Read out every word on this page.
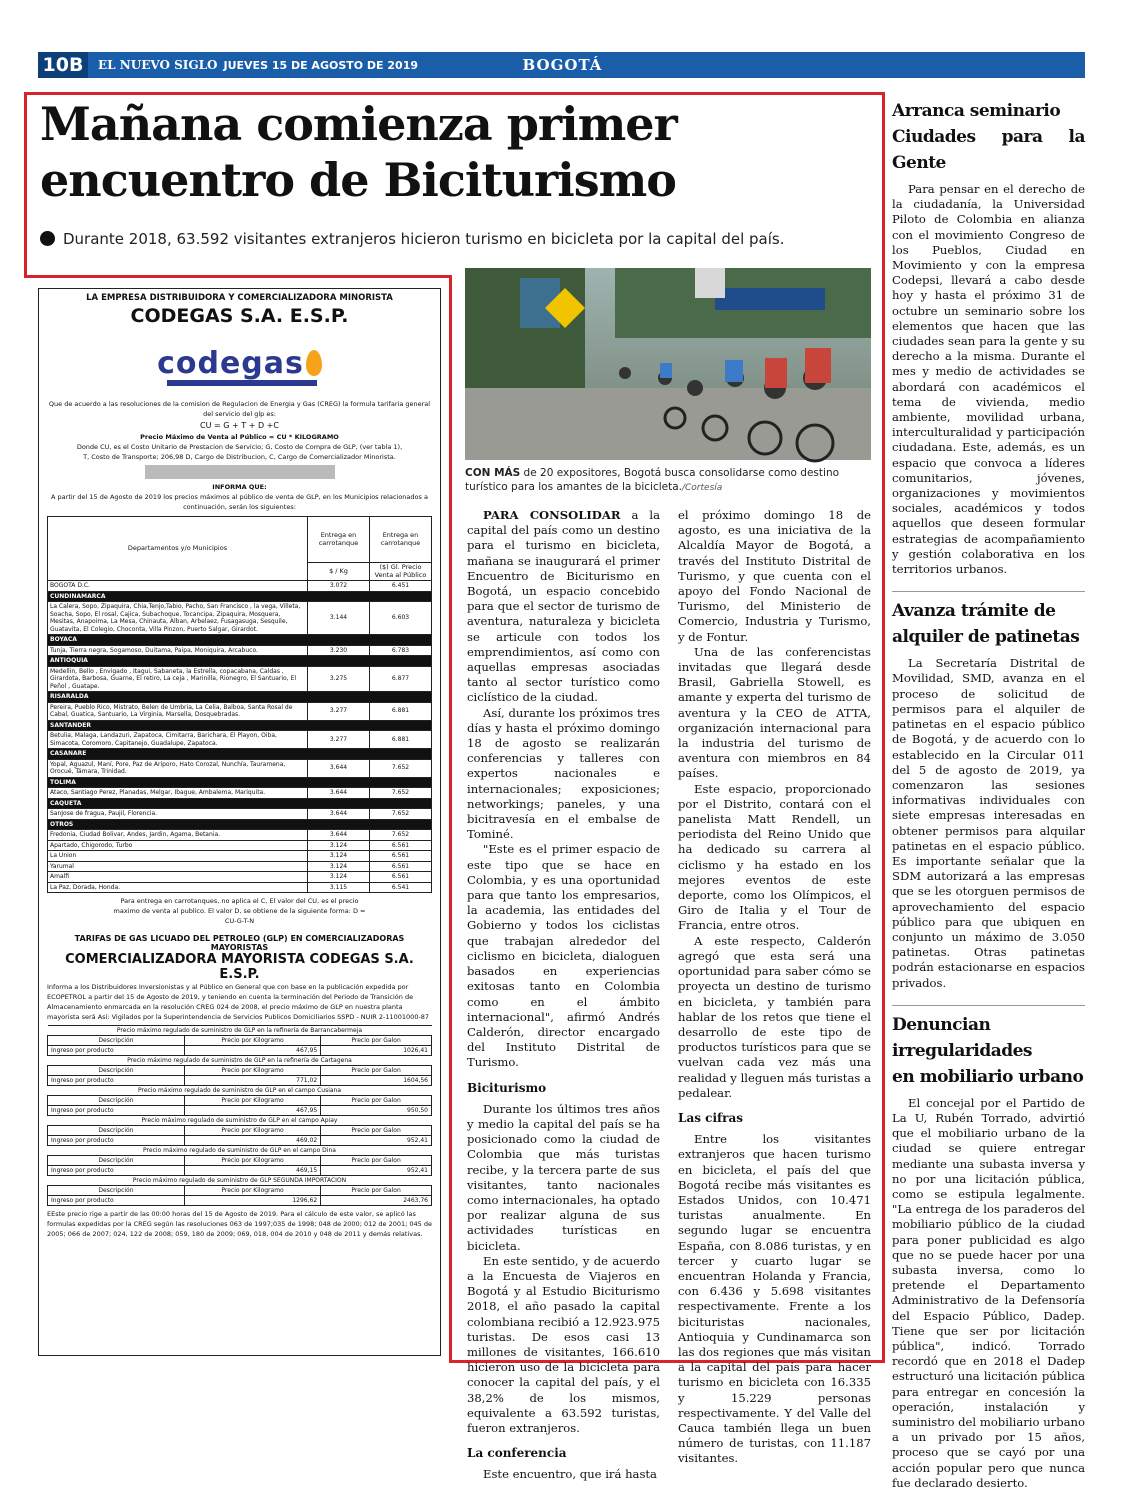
10B	EL NUEVO SIGLO JUEVES 15 DE AGOSTO DE 2019	BOGOTÁ
Mañana comienza primer
encuentro de Biciturismo
Durante 2018, 63.592 visitantes extranjeros hicieron turismo en bicicleta por la capital del país.
LA EMPRESA DISTRIBUIDORA Y COMERCIALIZADORA MINORISTA
CODEGAS S.A. E.S.P.
codegas
Que de acuerdo a las resoluciones de la comision de Regulacion de Energia y Gas (CREG) la formula tarifaria general del servicio del glp es:
CU = G + T + D +C
Precio Máximo de Venta al Público = CU * KILOGRAMO
Donde CU, es el Costo Unitario de Prestacion de Servicio; G, Costo de Compra de GLP, (ver tabla 1),
T, Costo de Transporte; 206,98 D, Cargo de Distribucion, C, Cargo de Comercializador Minorista.
INFORMA QUE:
A partir del 15 de Agosto de 2019 los precios máximos al público de venta de GLP, en los Municipios relacionados a continuación, serán los siguientes:
Departamentos y/o Municipios	Entrega en carrotanque	Entrega en carrotanque
	$ / Kg	($) Gl. Precio Venta al Público
BOGOTA D.C.	3.072	6.451
CUNDINAMARCA		
La Calera, Sopo, Zipaquira, Chia,Tenjo,Tabio, Pacho, San Francisco , la vega, Villeta, Soacha, Sopo, El rosal, Cajica, Subachoque, Tocancipa, Zipaquira, Mosquera, Mesitas, Anapoima, La Mesa, Chinauta, Alban, Arbelaez, Fusagasuga, Sesquile, Guatavita, El Colegio, Choconta, Villa Pinzon, Puerto Salgar, Girardot.	3.144	6.603
BOYACA		
Tunja, Tierra negra, Sogamoso, Duitama, Paipa, Moniquira, Arcabuco.	3.230	6.783
ANTIOQUIA		
Medellin, Bello , Envigado , Itagui, Sabaneta, la Estrella, copacabana, Caldas , Girardota, Barbosa, Guarne, El retiro, La ceja , Marinilla, Rionegro, El Santuario, El Peñol , Guatape.	3.275	6.877
RISARALDA		
Pereira, Pueblo Rico, Mistrato, Belen de Umbria, La Celia, Balboa, Santa Rosal de Cabal, Guatica, Santuario, La Virginia, Marsella, Dosquebradas.	3.277	6.881
SANTANDER		
Betulia, Malaga, Landazuri, Zapatoca, Cimitarra, Barichara, El Playon, Oiba, Simacota, Coromoro, Capitanejo, Guadalupe, Zapatoca.	3.277	6.881
CASANARE		
Yopal, Aguazul, Maní, Pore, Paz de Ariporo, Hato Corozal, Nunchía, Tauramena, Orocué, Támara, Trinidad.	3.644	7.652
TOLIMA		
Ataco, Santiago Perez, Planadas, Melgar, Ibague, Ambalema, Mariquita.	3.644	7.652
CAQUETA		
SanJose de fragua, Paujil, Florencia.	3.644	7.652
OTROS		
Fredonia, Ciudad Bolivar, Andes, Jardin, Agama, Betania.	3.644	7.652
Apartado, Chigorodo, Turbo	3.124	6.561
La Union	3.124	6.561
Yarumal	3.124	6.561
Amalfi	3.124	6.561
La Paz, Dorada, Honda.	3.115	6.541
Para entrega en carrotanques, no aplica el C, El valor del CU, es el precio maximo de venta al publico. El valor D, se obtiene de la siguiente forma: D = CU-G-T-N
TARIFAS DE GAS LICUADO DEL PETROLEO (GLP) EN COMERCIALIZADORAS MAYORISTAS
COMERCIALIZADORA MAYORISTA CODEGAS S.A. E.S.P.
Informa a los Distribuidores Inversionistas y al Público en General que con base en la publicación expedida por ECOPETROL a partir del 15 de Agosto de 2019, y teniendo en cuenta la terminación del Periodo de Transición de Almacenamiento enmarcada en la resolución CREG 024 de 2008, el precio máximo de GLP en nuestra planta mayorista será Así: Vigilados por la Superintendencia de Servicios Publicos Domiciliarios SSPD - NUIR 2-11001000-87
Precio máximo regulado de suministro de GLP en la refinería de Barrancabermeja		
Descripción	Precio por Kilogramo	Precio por Galon
Ingreso por producto	467,95	1026,41
Precio máximo regulado de suministro de GLP en la refinería de Cartagena		
Descripción	Precio por Kilogramo	Precio por Galon
Ingreso por producto	771,02	1604,56
Precio máximo regulado de suministro de GLP en el campo Cusiana		
Descripción	Precio por Kilogramo	Precio por Galon
Ingreso por producto	467,95	950,50
Precio máximo regulado de suministro de GLP en el campo Apiay		
Descripción	Precio por Kilogramo	Precio por Galon
Ingreso por producto	469,02	952,41
Precio máximo regulado de suministro de GLP en el campo Dina		
Descripción	Precio por Kilogramo	Precio por Galon
Ingreso por producto	469,15	952,41
Precio máximo regulado de suministro de GLP SEGUNDA IMPORTACION		
Descripción	Precio por Kilogramo	Precio por Galon
Ingreso por producto	1296,62	2463,76
EEste precio rige a partir de las 00:00 horas del 15 de Agosto de 2019. Para el cálculo de este valor, se aplicó las formulas expedidas por la CREG según las resoluciones 063 de 1997;035 de 1998; 048 de 2000; 012 de 2001; 045 de 2005; 066 de 2007; 024, 122 de 2008; 059, 180 de 2009; 069, 018, 004 de 2010 y 048 de 2011 y demás relativas.
CON MÁS de 20 expositores, Bogotá busca consolidarse como destino turístico para los amantes de la bicicleta./Cortesía

PARA CONSOLIDAR a la capital del país como un destino para el turismo en bicicleta, mañana se inaugurará el primer Encuentro de Biciturismo en Bogotá, un espacio concebido para que el sector de turismo de aventura, naturaleza y bicicleta se articule con todos los emprendimientos, así como con aquellas empresas asociadas tanto al sector turístico como ciclístico de la ciudad.

Así, durante los próximos tres días y hasta el próximo domingo 18 de agosto se realizarán conferencias y talleres con expertos nacionales e internacionales; exposiciones; networkings; paneles, y una bicitravesía en el embalse de Tominé.

"Este es el primer espacio de este tipo que se hace en Colombia, y es una oportunidad para que tanto los empresarios, la academia, las entidades del Gobierno y todos los ciclistas que trabajan alrededor del ciclismo en bicicleta, dialoguen basados en experiencias exitosas tanto en Colombia como en el ámbito internacional", afirmó Andrés Calderón, director encargado del Instituto Distrital de Turismo.

Biciturismo

Durante los últimos tres años y medio la capital del país se ha posicionado como la ciudad de Colombia que más turistas recibe, y la tercera parte de sus visitantes, tanto nacionales como internacionales, ha optado por realizar alguna de sus actividades turísticas en bicicleta.

En este sentido, y de acuerdo a la Encuesta de Viajeros en Bogotá y al Estudio Biciturismo 2018, el año pasado la capital colombiana recibió a 12.923.975 turistas. De esos casi 13 millones de visitantes, 166.610 hicieron uso de la bicicleta para conocer la capital del país, y el 38,2% de los mismos, equivalente a 63.592 turistas, fueron extranjeros.

La conferencia

Este encuentro, que irá hasta

el próximo domingo 18 de agosto, es una iniciativa de la Alcaldía Mayor de Bogotá, a través del Instituto Distrital de Turismo, y que cuenta con el apoyo del Fondo Nacional de Turismo, del Ministerio de Comercio, Industria y Turismo, y de Fontur.

Una de las conferencistas invitadas que llegará desde Brasil, Gabriella Stowell, es amante y experta del turismo de aventura y la CEO de ATTA, organización internacional para la industria del turismo de aventura con miembros en 84 países.

Este espacio, proporcionado por el Distrito, contará con el panelista Matt Rendell, un periodista del Reino Unido que ha dedicado su carrera al ciclismo y ha estado en los mejores eventos de este deporte, como los Olímpicos, el Giro de Italia y el Tour de Francia, entre otros.

A este respecto, Calderón agregó que esta será una oportunidad para saber cómo se proyecta un destino de turismo en bicicleta, y también para hablar de los retos que tiene el desarrollo de este tipo de productos turísticos para que se vuelvan cada vez más una realidad y lleguen más turistas a pedalear.

Las cifras

Entre los visitantes extranjeros que hacen turismo en bicicleta, el país del que Bogotá recibe más visitantes es Estados Unidos, con 10.471 turistas anualmente. En segundo lugar se encuentra España, con 8.086 turistas, y en tercer y cuarto lugar se encuentran Holanda y Francia, con 6.436 y 5.698 visitantes respectivamente. Frente a los bicituristas nacionales, Antioquia y Cundinamarca son las dos regiones que más visitan a la capital del país para hacer turismo en bicicleta con 16.335 y 15.229 personas respectivamente. Y del Valle del Cauca también llega un buen número de turistas, con 11.187 visitantes.

Arranca seminario
Ciudades para la Gente

Para pensar en el derecho de la ciudadanía, la Universidad Piloto de Colombia en alianza con el movimiento Congreso de los Pueblos, Ciudad en Movimiento y con la empresa Codepsi, llevará a cabo desde hoy y hasta el próximo 31 de octubre un seminario sobre los elementos que hacen que las ciudades sean para la gente y su derecho a la misma. Durante el mes y medio de actividades se abordará con académicos el tema de vivienda, medio ambiente, movilidad urbana, interculturalidad y participación ciudadana. Este, además, es un espacio que convoca a líderes comunitarios, jóvenes, organizaciones y movimientos sociales, académicos y todos aquellos que deseen formular estrategias de acompañamiento y gestión colaborativa en los territorios urbanos.

Avanza trámite de
alquiler de patinetas

La Secretaría Distrital de Movilidad, SMD, avanza en el proceso de solicitud de permisos para el alquiler de patinetas en el espacio público de Bogotá, y de acuerdo con lo establecido en la Circular 011 del 5 de agosto de 2019, ya comenzaron las sesiones informativas individuales con siete empresas interesadas en obtener permisos para alquilar patinetas en el espacio público. Es importante señalar que la SDM autorizará a las empresas que se les otorguen permisos de aprovechamiento del espacio público para que ubiquen en conjunto un máximo de 3.050 patinetas. Otras patinetas podrán estacionarse en espacios privados.

Denuncian irregularidades
en mobiliario urbano

El concejal por el Partido de La U, Rubén Torrado, advirtió que el mobiliario urbano de la ciudad se quiere entregar mediante una subasta inversa y no por una licitación pública, como se estipula legalmente. "La entrega de los paraderos del mobiliario público de la ciudad para poner publicidad es algo que no se puede hacer por una subasta inversa, como lo pretende el Departamento Administrativo de la Defensoría del Espacio Público, Dadep. Tiene que ser por licitación pública", indicó. Torrado recordó que en 2018 el Dadep estructuró una licitación pública para entregar en concesión la operación, instalación y suministro del mobiliario urbano a un privado por 15 años, proceso que se cayó por una acción popular pero que nunca fue declarado desierto.
